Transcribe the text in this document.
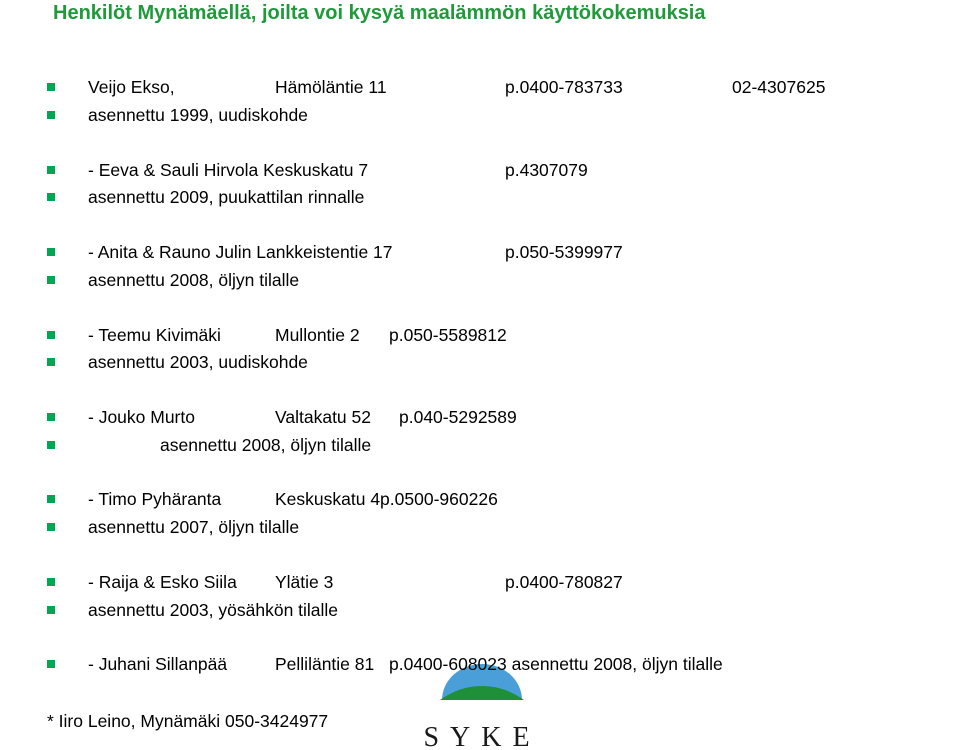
Henkilöt Mynämäellä, joilta voi kysyä maalämmön käyttökokemuksia
Veijo Ekso,	Hämöläntie 11	p.0400-783733	02-4307625
asennettu 1999, uudiskohde
- Eeva & Sauli Hirvola Keskuskatu 7	p.4307079
asennettu 2009, puukattilan rinnalle
- Anita & Rauno Julin Lankkeistentie 17	p.050-5399977
asennettu 2008, öljyn tilalle
- Teemu Kivimäki	Mullontie 2 p.050-5589812
asennettu 2003, uudiskohde
- Jouko Murto	Valtakatu 52 p.040-5292589
asennettu 2008, öljyn tilalle
- Timo Pyhäranta	Keskuskatu 4p.0500-960226
asennettu 2007, öljyn tilalle
- Raija & Esko Siila Ylätie 3	p.0400-780827
asennettu 2003, yösähkön tilalle
SYKE
- Juhani Sillanpää	Pelliläntie 81 p.0400-608023 asennettu 2008, öljyn tilalle
* Iiro Leino, Mynämäki 050-3424977
